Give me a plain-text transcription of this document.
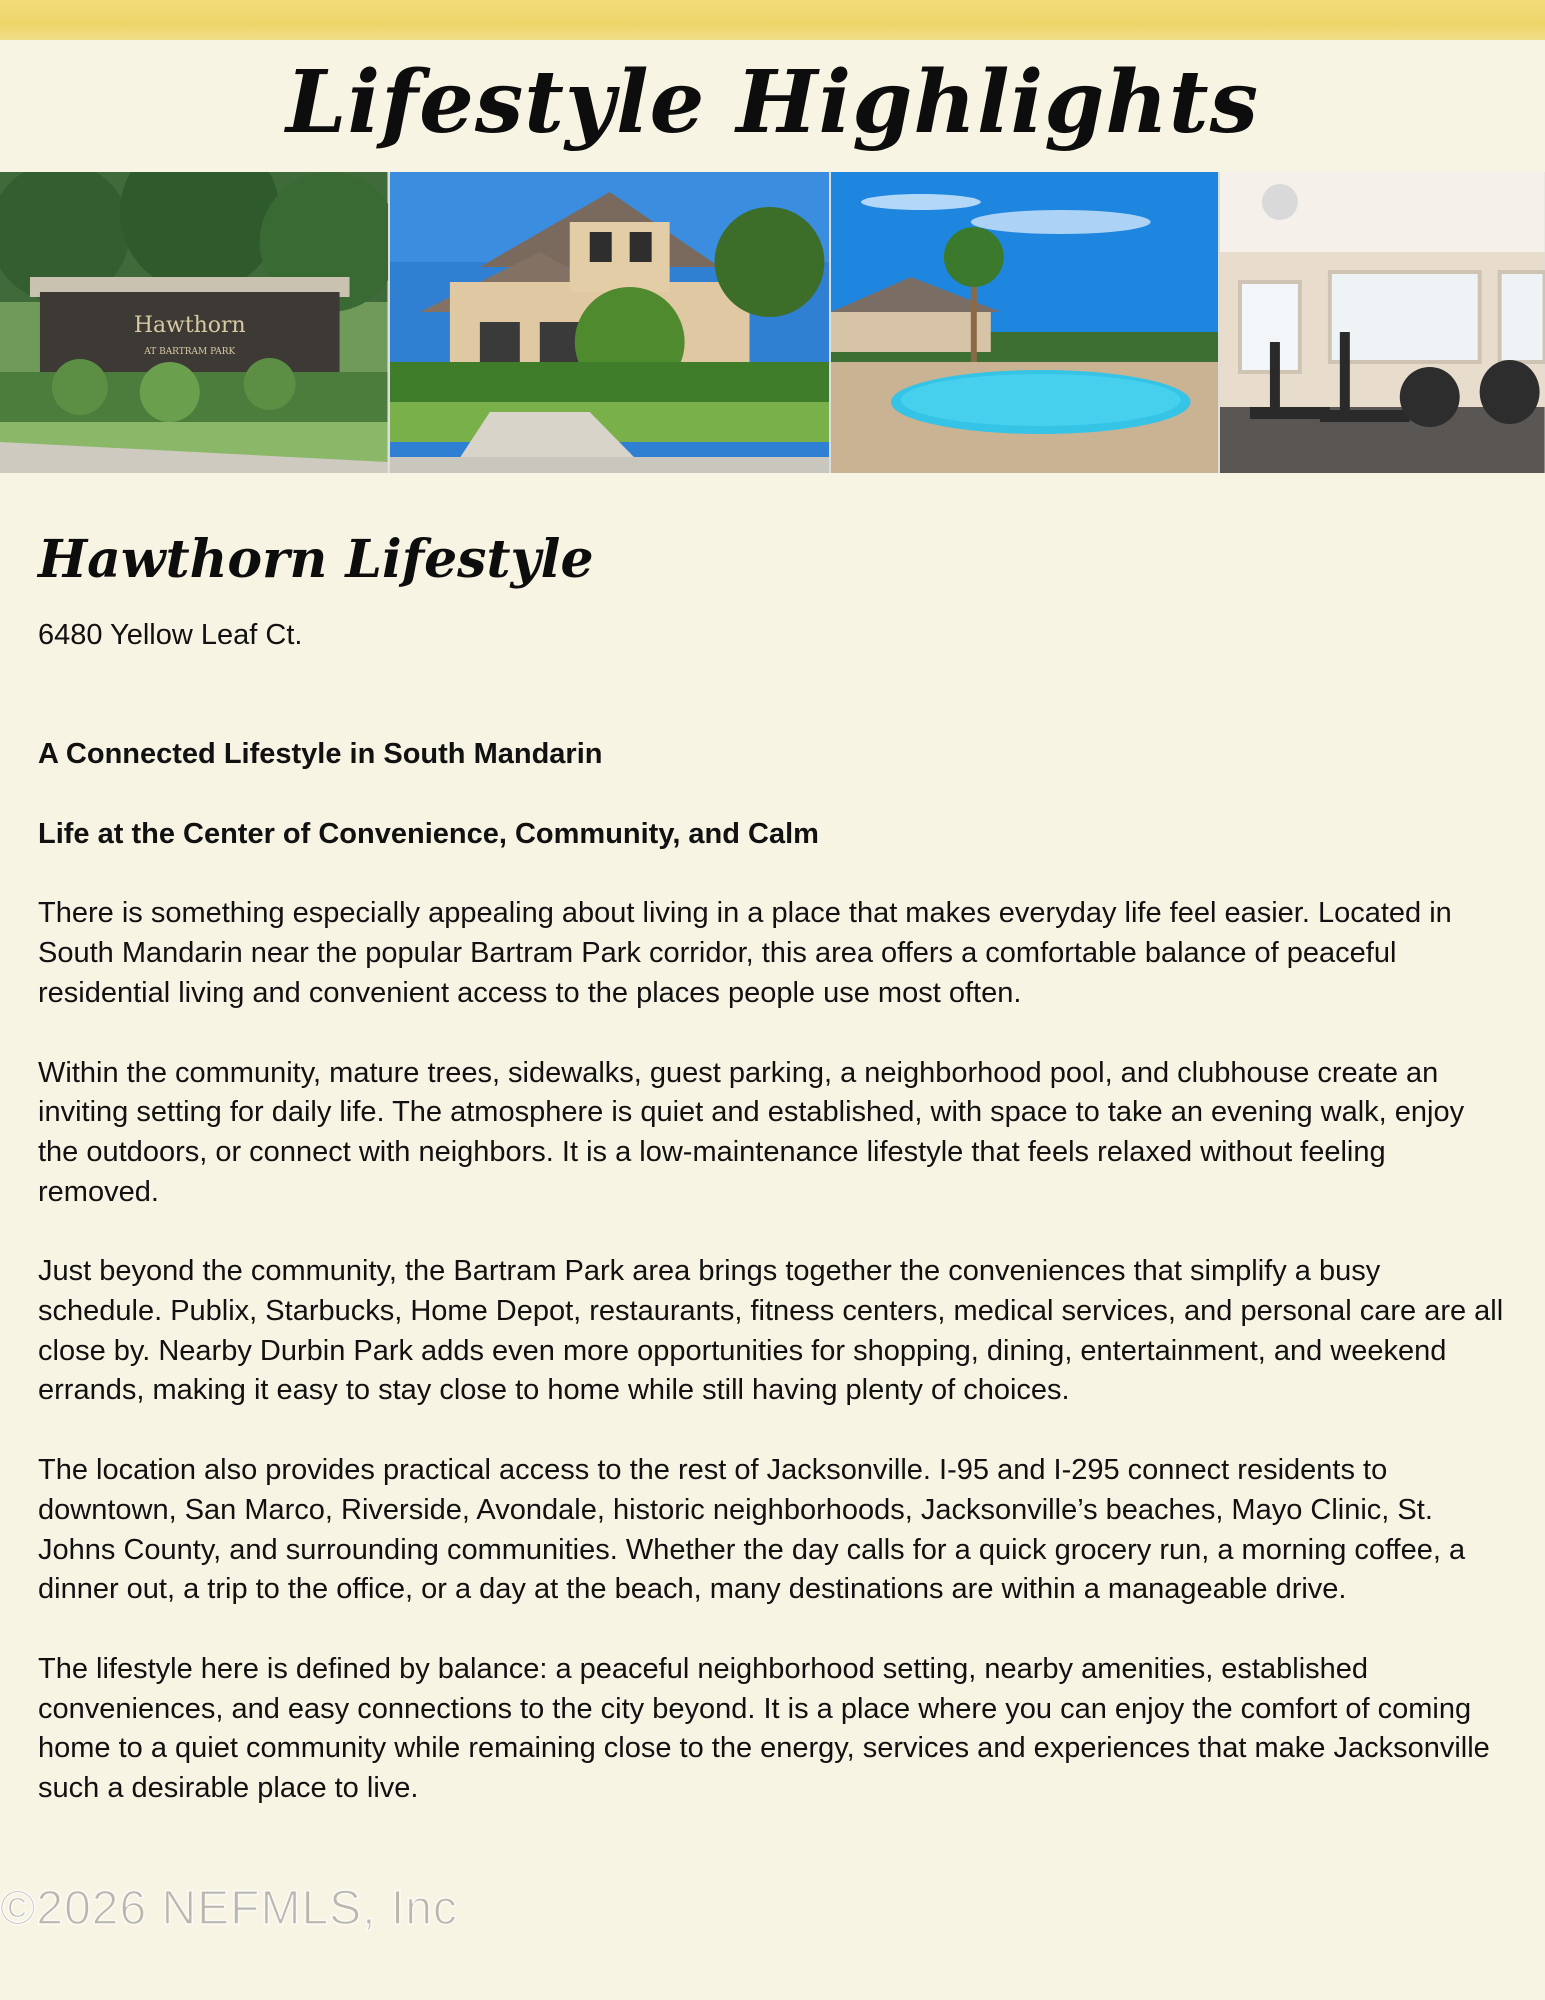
Lifestyle Highlights
Hawthorn
AT BARTRAM PARK
Hawthorn Lifestyle
6480 Yellow Leaf Ct.
A Connected Lifestyle in South Mandarin
Life at the Center of Convenience, Community, and Calm

There is something especially appealing about living in a place that makes everyday life feel easier. Located in South Mandarin near the popular Bartram Park corridor, this area offers a comfortable balance of peaceful residential living and convenient access to the places people use most often.

Within the community, mature trees, sidewalks, guest parking, a neighborhood pool, and clubhouse create an inviting setting for daily life. The atmosphere is quiet and established, with space to take an evening walk, enjoy the outdoors, or connect with neighbors. It is a low-maintenance lifestyle that feels relaxed without feeling removed.

Just beyond the community, the Bartram Park area brings together the conveniences that simplify a busy schedule. Publix, Starbucks, Home Depot, restaurants, fitness centers, medical services, and personal care are all close by. Nearby Durbin Park adds even more opportunities for shopping, dining, entertainment, and weekend errands, making it easy to stay close to home while still having plenty of choices.

The location also provides practical access to the rest of Jacksonville. I-95 and I-295 connect residents to downtown, San Marco, Riverside, Avondale, historic neighborhoods, Jacksonville’s beaches, Mayo Clinic, St. Johns County, and surrounding communities. Whether the day calls for a quick grocery run, a morning coffee, a dinner out, a trip to the office, or a day at the beach, many destinations are within a manageable drive.

The lifestyle here is defined by balance: a peaceful neighborhood setting, nearby amenities, established conveniences, and easy connections to the city beyond. It is a place where you can enjoy the comfort of coming home to a quiet community while remaining close to the energy, services and experiences that make Jacksonville such a desirable place to live.

©2026 NEFMLS, Inc
